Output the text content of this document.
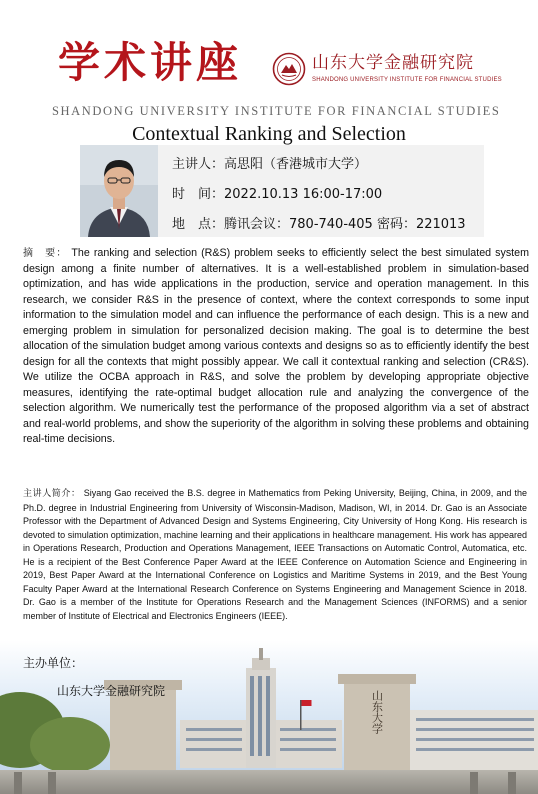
学术讲座	山东大学金融研究院
SHANDONG UNIVERSITY INSTITUTE FOR FINANCIAL STUDIES
SHANDONG UNIVERSITY INSTITUTE FOR FINANCIAL STUDIES
Contextual Ranking and Selection
主讲人：高思阳（香港城市大学）
时　间：2022.10.13 16:00-17:00
地　点：腾讯会议：780-740-405 密码：221013
摘　要： The ranking and selection (R&S) problem seeks to efficiently select the best simulated system design among a finite number of alternatives. It is a well-established problem in simulation-based optimization, and has wide applications in the production, service and operation management. In this research, we consider R&S in the presence of context, where the context corresponds to some input information to the simulation model and can influence the performance of each design. This is a new and emerging problem in simulation for personalized decision making. The goal is to determine the best allocation of the simulation budget among various contexts and designs so as to efficiently identify the best design for all the contexts that might possibly appear. We call it contextual ranking and selection (CR&S). We utilize the OCBA approach in R&S, and solve the problem by developing appropriate objective measures, identifying the rate-optimal budget allocation rule and analyzing the convergence of the selection algorithm. We numerically test the performance of the proposed algorithm via a set of abstract and real-world problems, and show the superiority of the algorithm in solving these problems and obtaining real-time decisions.
主讲人简介： Siyang Gao received the B.S. degree in Mathematics from Peking University, Beijing, China, in 2009, and the Ph.D. degree in Industrial Engineering from University of Wisconsin-Madison, Madison, WI, in 2014. Dr. Gao is an Associate Professor with the Department of Advanced Design and Systems Engineering, City University of Hong Kong. His research is devoted to simulation optimization, machine learning and their applications in healthcare management. His work has appeared in Operations Research, Production and Operations Management, IEEE Transactions on Automatic Control, Automatica, etc. He is a recipient of the Best Conference Paper Award at the IEEE Conference on Automation Science and Engineering in 2019, Best Paper Award at the International Conference on Logistics and Maritime Systems in 2019, and the Best Young Faculty Paper Award at the International Research Conference on Systems Engineering and Management Science in 2018. Dr. Gao is a member of the Institute for Operations Research and the Management Sciences (INFORMS) and a senior member of Institute of Electrical and Electronics Engineers (IEEE).
山东大学
主办单位：
山东大学金融研究院
